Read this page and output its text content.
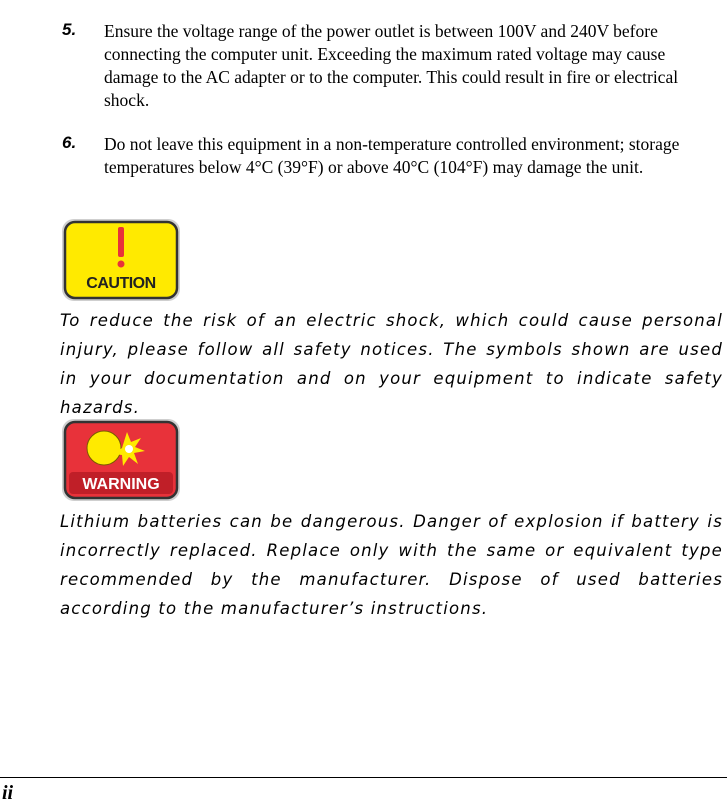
5. Ensure the voltage range of the power outlet is between 100V and 240V before connecting the computer unit. Exceeding the maximum rated voltage may cause damage to the AC adapter or to the computer. This could result in fire or electrical shock.
6. Do not leave this equipment in a non-temperature controlled environment; storage temperatures below 4°C (39°F) or above 40°C (104°F) may damage the unit.
CAUTION
To reduce the risk of an electric shock, which could cause personal injury, please follow all safety notices. The symbols shown are used in your documentation and on your equipment to indicate safety hazards.
WARNING
Lithium batteries can be dangerous. Danger of explosion if battery is incorrectly replaced. Replace only with the same or equivalent type recommended by the manufacturer. Dispose of used batteries according to the manufacturer’s instructions.
ii
